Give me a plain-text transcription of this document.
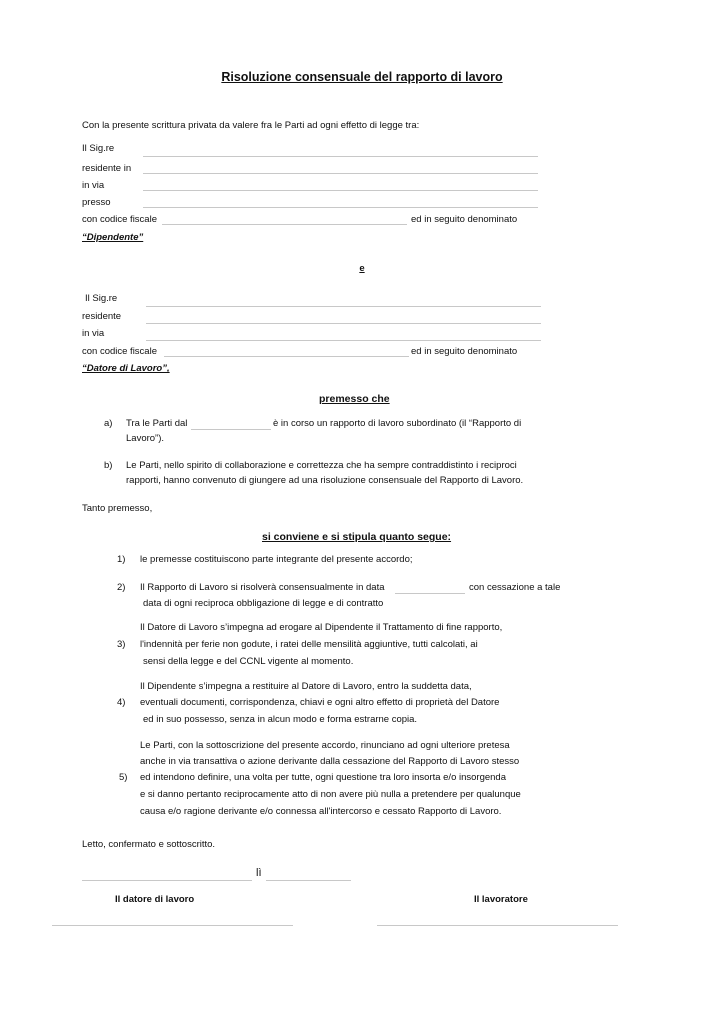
Risoluzione consensuale del rapporto di lavoro
Con la presente scrittura privata da valere fra le Parti ad ogni effetto di legge tra:
Il Sig.re
residente in
in via
presso
con codice fiscale	ed in seguito denominato
“Dipendente”
e
Il Sig.re
residente
in via
con codice fiscale	ed in seguito denominato
“Datore di Lavoro”,
premesso che
a) Tra le Parti dal	è in corso un rapporto di lavoro subordinato (il “Rapporto di
Lavoro”).
b) Le Parti, nello spirito di collaborazione e correttezza che ha sempre contraddistinto i reciproci
rapporti, hanno convenuto di giungere ad una risoluzione consensuale del Rapporto di Lavoro.
Tanto premesso,
si conviene e si stipula quanto segue:
1) le premesse costituiscono parte integrante del presente accordo;
2) Il Rapporto di Lavoro si risolverà consensualmente in data	con cessazione a tale
data di ogni reciproca obbligazione di legge e di contratto
Il Datore di Lavoro s’impegna ad erogare al Dipendente il Trattamento di fine rapporto,
3) l'indennità per ferie non godute, i ratei delle mensilità aggiuntive, tutti calcolati, ai
sensi della legge e del CCNL vigente al momento.
Il Dipendente s’impegna a restituire al Datore di Lavoro, entro la suddetta data,
4) eventuali documenti, corrispondenza, chiavi e ogni altro effetto di proprietà del Datore
ed in suo possesso, senza in alcun modo e forma estrarne copia.
Le Parti, con la sottoscrizione del presente accordo, rinunciano ad ogni ulteriore pretesa
anche in via transattiva o azione derivante dalla cessazione del Rapporto di Lavoro stesso
5) ed intendono definire, una volta per tutte, ogni questione tra loro insorta e/o insorgenda
e si danno pertanto reciprocamente atto di non avere più nulla a pretendere per qualunque
causa e/o ragione derivante e/o connessa all'intercorso e cessato Rapporto di Lavoro.
Letto, confermato e sottoscritto.
lì
Il datore di lavoro	Il lavoratore
